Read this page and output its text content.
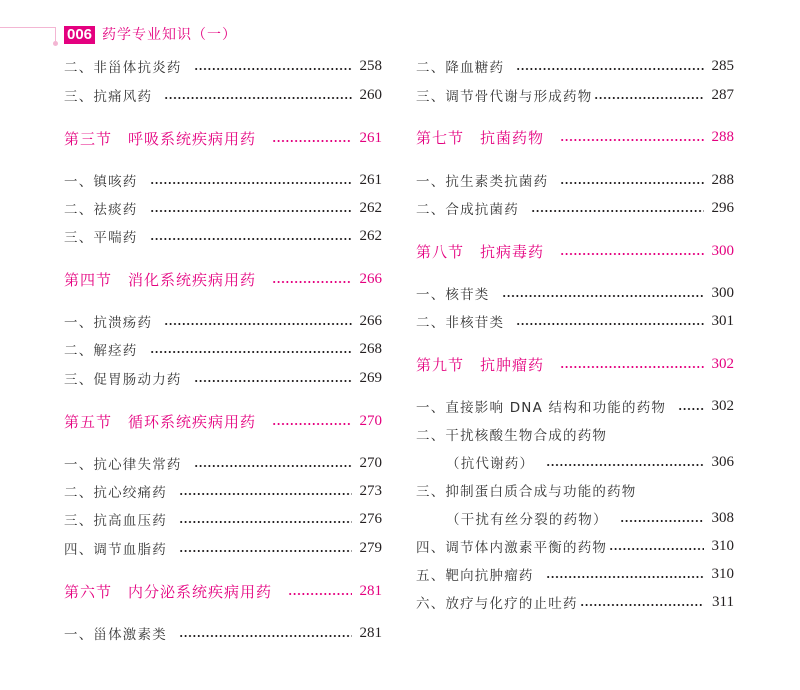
006 药学专业知识（一）
二、非甾体抗炎药	258
三、抗痛风药	260
第三节 呼吸系统疾病用药	261
一、镇咳药	261
二、祛痰药	262
三、平喘药	262
第四节 消化系统疾病用药	266
一、抗溃疡药	266
二、解痉药	268
三、促胃肠动力药	269
第五节 循环系统疾病用药	270
一、抗心律失常药	270
二、抗心绞痛药	273
三、抗高血压药	276
四、调节血脂药	279
第六节 内分泌系统疾病用药	281
一、甾体激素类	281
二、降血糖药	285
三、调节骨代谢与形成药物	287
第七节 抗菌药物	288
一、抗生素类抗菌药	288
二、合成抗菌药	296
第八节 抗病毒药	300
一、核苷类	300
二、非核苷类	301
第九节 抗肿瘤药	302
一、直接影响 DNA 结构和功能的药物	302
二、干扰核酸生物合成的药物
（抗代谢药）	306
三、抑制蛋白质合成与功能的药物
（干扰有丝分裂的药物）	308
四、调节体内激素平衡的药物	310
五、靶向抗肿瘤药	310
六、放疗与化疗的止吐药	311
